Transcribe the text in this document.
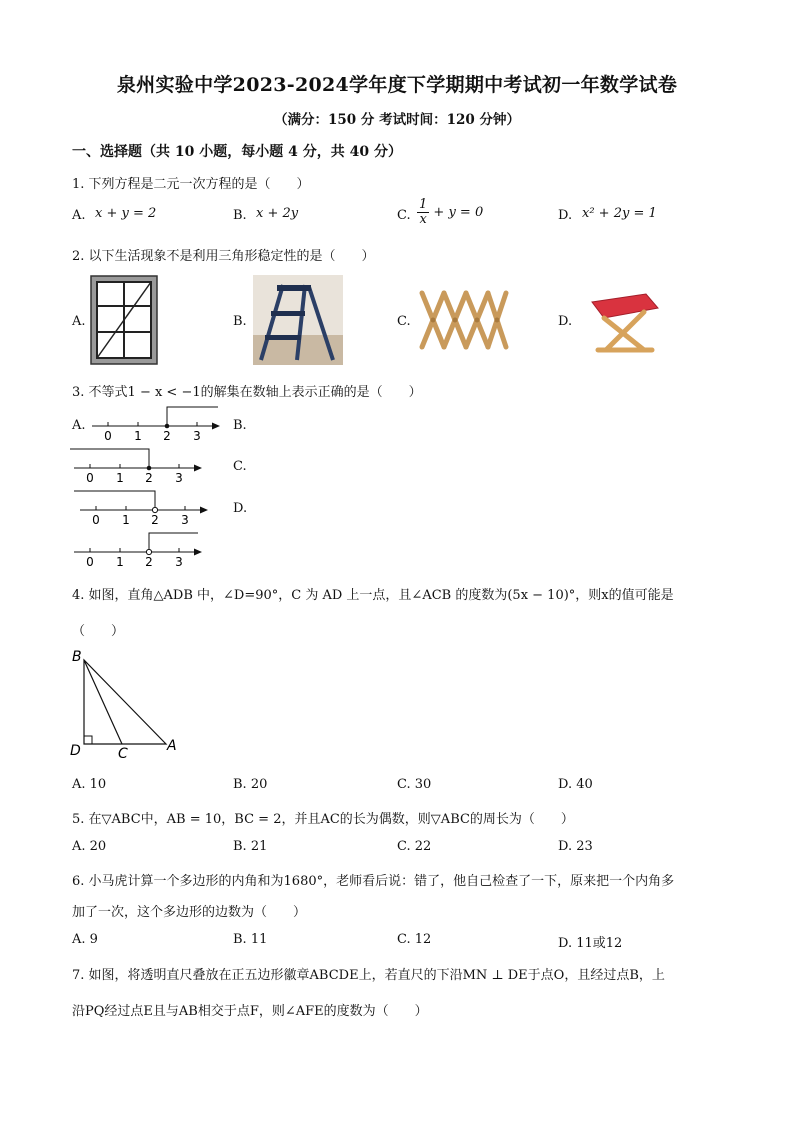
泉州实验中学2023-2024学年度下学期期中考试初一年数学试卷
（满分：150 分 考试时间：120 分钟）
一、选择题（共 10 小题，每小题 4 分，共 40 分）
1. 下列方程是二元一次方程的是（　　）
A. x + y = 2	B. x + 2y	C. $\frac{1}{x} + y = 0$	D. x² + 2y = 1
2. 以下生活现象不是利用三角形稳定性的是（　　）
A.	B.	C.	D.
3. 不等式1 − x < −1的解集在数轴上表示正确的是（　　）
A.
0 1 2 3
B.
0 1 2 3
C.
0 1 2 3
D.
0 1 2 3
4. 如图，直角△ADB 中，∠D=90°，C 为 AD 上一点，且∠ACB 的度数为(5x − 10)°，则x的值可能是
（　　）
B
D	C	A
A. 10	B. 20	C. 30	D. 40
5. 在▽ABC中，AB = 10，BC = 2，并且AC的长为偶数，则▽ABC的周长为（　　）
A. 20	B. 21	C. 22	D. 23
6. 小马虎计算一个多边形的内角和为1680°，老师看后说：错了，他自己检查了一下，原来把一个内角多
加了一次，这个多边形的边数为（　　）
A. 9	B. 11	C. 12	D. 11或12
7. 如图，将透明直尺叠放在正五边形徽章ABCDE上，若直尺的下沿MN ⊥ DE于点O，且经过点B，上
沿PQ经过点E且与AB相交于点F，则∠AFE的度数为（　　）
